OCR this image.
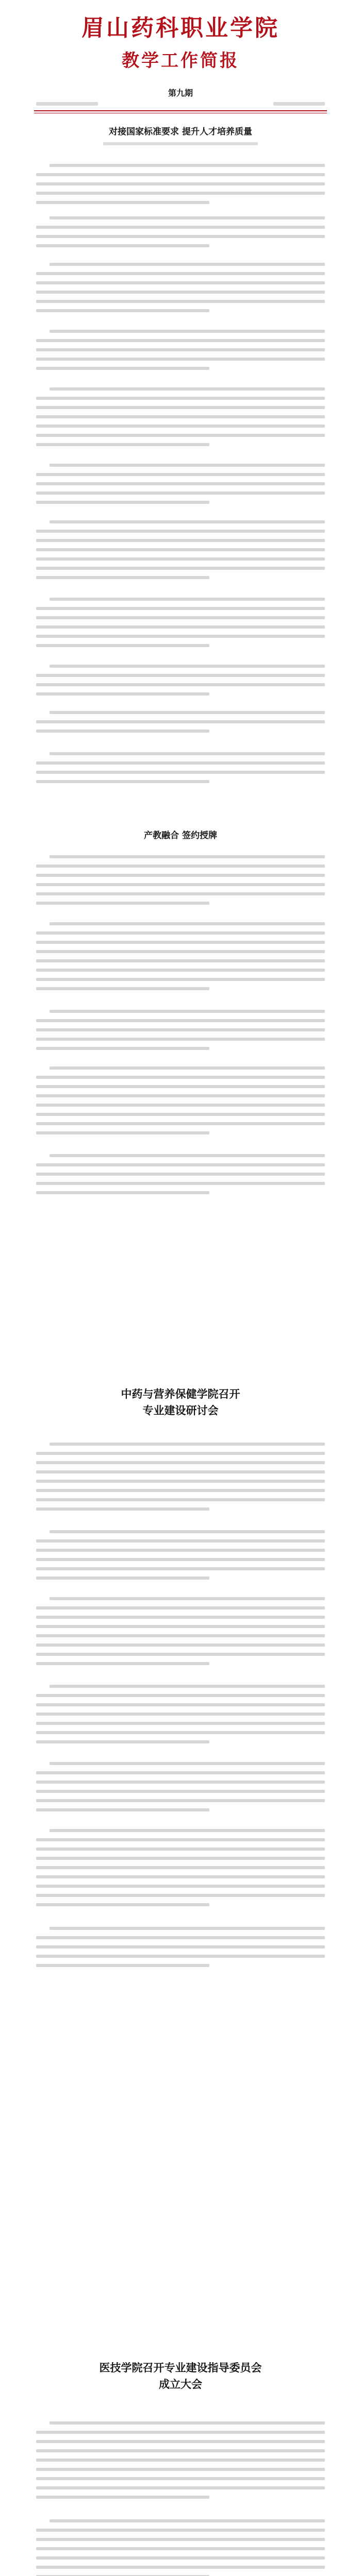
眉山药科职业学院
教学工作简报

第九期

对接国家标准要求 提升人才培养质量
产教融合 签约授牌
中药与营养保健学院召开
专业建设研讨会
医技学院召开专业建设指导委员会
成立大会
